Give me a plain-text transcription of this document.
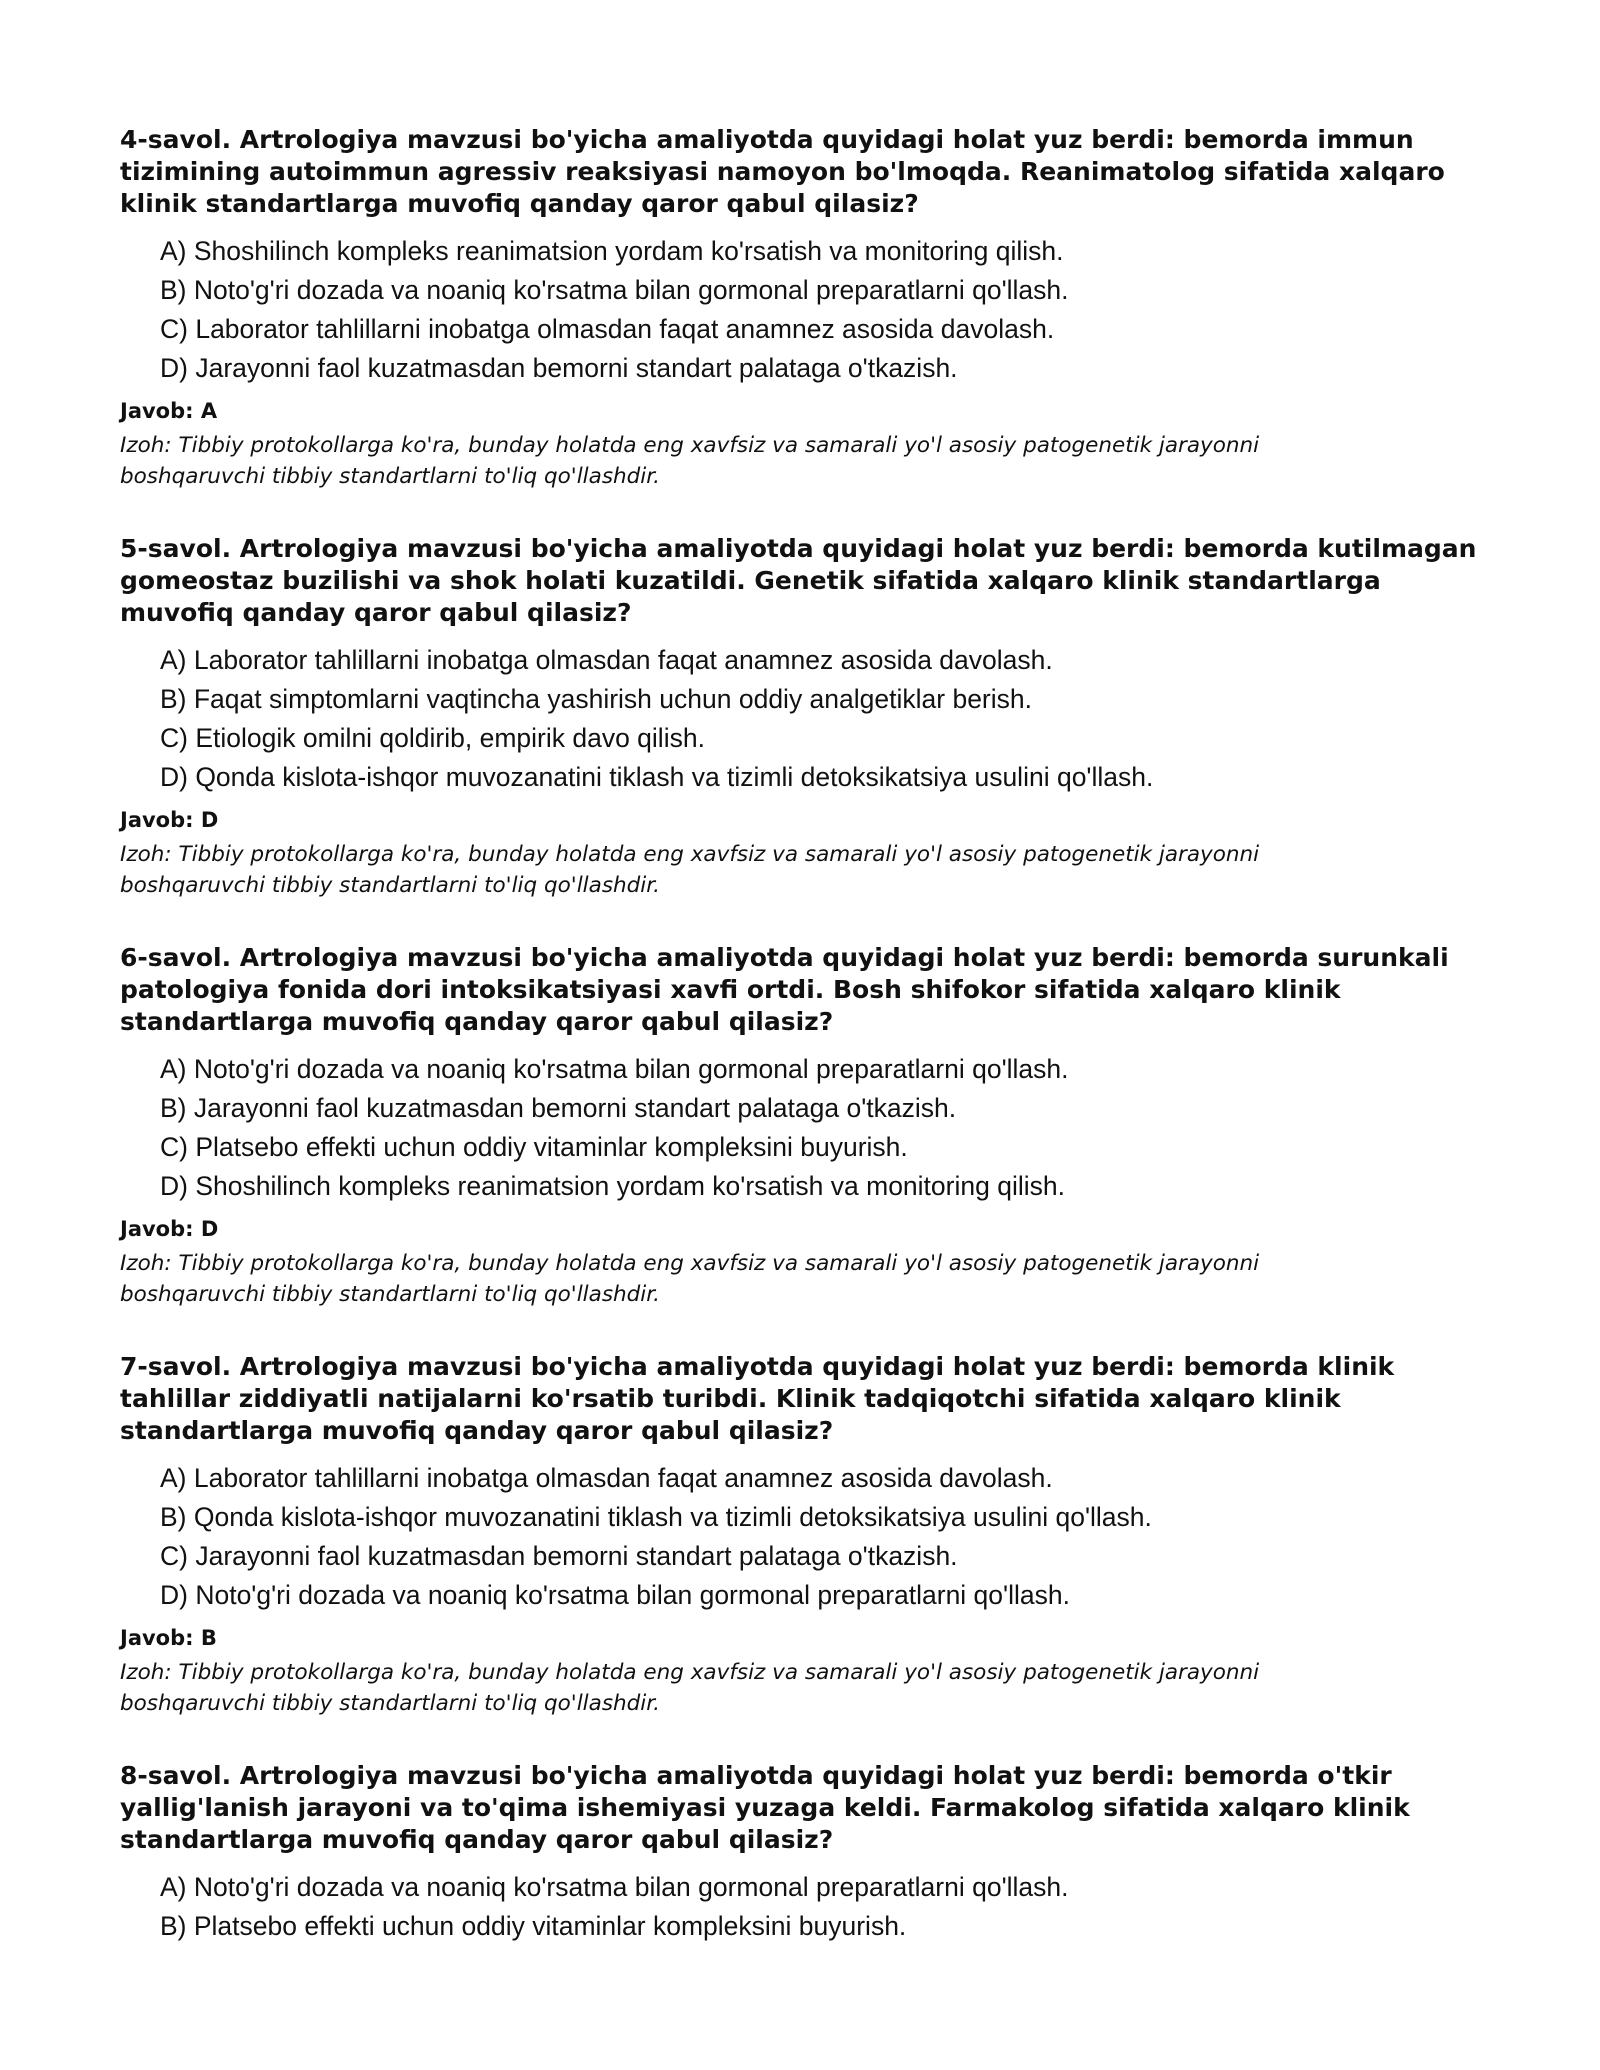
4-savol. Artrologiya mavzusi bo'yicha amaliyotda quyidagi holat yuz berdi: bemorda immun tizimining autoimmun agressiv reaksiyasi namoyon bo'lmoqda. Reanimatolog sifatida xalqaro klinik standartlarga muvofiq qanday qaror qabul qilasiz?
A) Shoshilinch kompleks reanimatsion yordam ko'rsatish va monitoring qilish.
B) Noto'g'ri dozada va noaniq ko'rsatma bilan gormonal preparatlarni qo'llash.
C) Laborator tahlillarni inobatga olmasdan faqat anamnez asosida davolash.
D) Jarayonni faol kuzatmasdan bemorni standart palataga o'tkazish.
Javob: A
Izoh: Tibbiy protokollarga ko'ra, bunday holatda eng xavfsiz va samarali yo'l asosiy patogenetik jarayonni boshqaruvchi tibbiy standartlarni to'liq qo'llashdir.
5-savol. Artrologiya mavzusi bo'yicha amaliyotda quyidagi holat yuz berdi: bemorda kutilmagan gomeostaz buzilishi va shok holati kuzatildi. Genetik sifatida xalqaro klinik standartlarga muvofiq qanday qaror qabul qilasiz?
A) Laborator tahlillarni inobatga olmasdan faqat anamnez asosida davolash.
B) Faqat simptomlarni vaqtincha yashirish uchun oddiy analgetiklar berish.
C) Etiologik omilni qoldirib, empirik davo qilish.
D) Qonda kislota-ishqor muvozanatini tiklash va tizimli detoksikatsiya usulini qo'llash.
Javob: D
Izoh: Tibbiy protokollarga ko'ra, bunday holatda eng xavfsiz va samarali yo'l asosiy patogenetik jarayonni boshqaruvchi tibbiy standartlarni to'liq qo'llashdir.
6-savol. Artrologiya mavzusi bo'yicha amaliyotda quyidagi holat yuz berdi: bemorda surunkali patologiya fonida dori intoksikatsiyasi xavfi ortdi. Bosh shifokor sifatida xalqaro klinik standartlarga muvofiq qanday qaror qabul qilasiz?
A) Noto'g'ri dozada va noaniq ko'rsatma bilan gormonal preparatlarni qo'llash.
B) Jarayonni faol kuzatmasdan bemorni standart palataga o'tkazish.
C) Platsebo effekti uchun oddiy vitaminlar kompleksini buyurish.
D) Shoshilinch kompleks reanimatsion yordam ko'rsatish va monitoring qilish.
Javob: D
Izoh: Tibbiy protokollarga ko'ra, bunday holatda eng xavfsiz va samarali yo'l asosiy patogenetik jarayonni boshqaruvchi tibbiy standartlarni to'liq qo'llashdir.
7-savol. Artrologiya mavzusi bo'yicha amaliyotda quyidagi holat yuz berdi: bemorda klinik tahlillar ziddiyatli natijalarni ko'rsatib turibdi. Klinik tadqiqotchi sifatida xalqaro klinik standartlarga muvofiq qanday qaror qabul qilasiz?
A) Laborator tahlillarni inobatga olmasdan faqat anamnez asosida davolash.
B) Qonda kislota-ishqor muvozanatini tiklash va tizimli detoksikatsiya usulini qo'llash.
C) Jarayonni faol kuzatmasdan bemorni standart palataga o'tkazish.
D) Noto'g'ri dozada va noaniq ko'rsatma bilan gormonal preparatlarni qo'llash.
Javob: B
Izoh: Tibbiy protokollarga ko'ra, bunday holatda eng xavfsiz va samarali yo'l asosiy patogenetik jarayonni boshqaruvchi tibbiy standartlarni to'liq qo'llashdir.
8-savol. Artrologiya mavzusi bo'yicha amaliyotda quyidagi holat yuz berdi: bemorda o'tkir yallig'lanish jarayoni va to'qima ishemiyasi yuzaga keldi. Farmakolog sifatida xalqaro klinik standartlarga muvofiq qanday qaror qabul qilasiz?
A) Noto'g'ri dozada va noaniq ko'rsatma bilan gormonal preparatlarni qo'llash.
B) Platsebo effekti uchun oddiy vitaminlar kompleksini buyurish.
